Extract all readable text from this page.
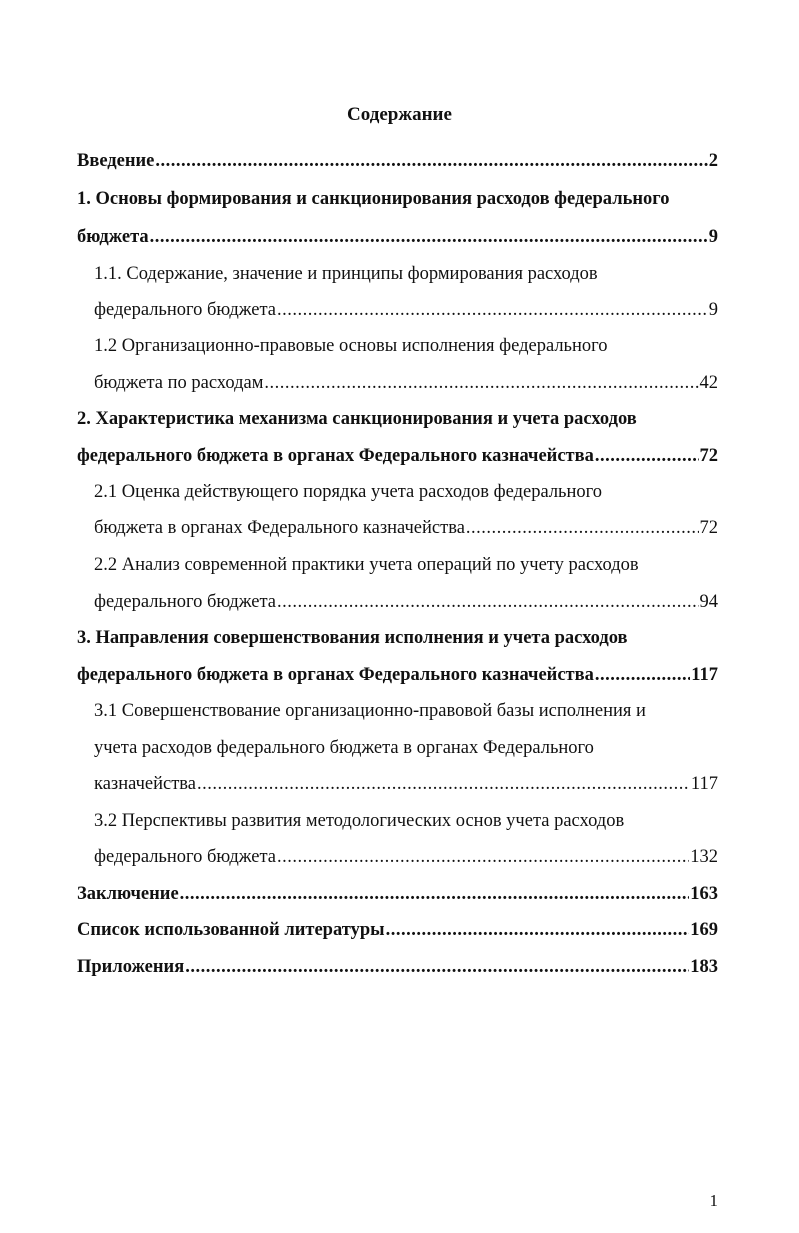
Содержание
Введение .....	2
1. Основы формирования и санкционирования расходов федерального
бюджета .....	9
1.1. Содержание, значение и принципы формирования расходов
федерального бюджета .....	9
1.2 Организационно-правовые основы исполнения федерального
бюджета по расходам .....	42
2. Характеристика механизма санкционирования и учета расходов
федерального бюджета в органах Федерального казначейства .....	72
2.1 Оценка действующего порядка учета расходов федерального
бюджета в органах Федерального казначейства .....	72
2.2 Анализ современной практики учета операций по учету расходов
федерального бюджета .....	94
3. Направления совершенствования исполнения и учета расходов
федерального бюджета в органах Федерального казначейства .....	117
3.1 Совершенствование организационно-правовой базы исполнения и
учета расходов федерального бюджета в органах Федерального
казначейства .....	117
3.2 Перспективы развития методологических основ учета расходов
федерального бюджета .....	132
Заключение .....	163
Список использованной литературы .....	169
Приложения .....	183
1
